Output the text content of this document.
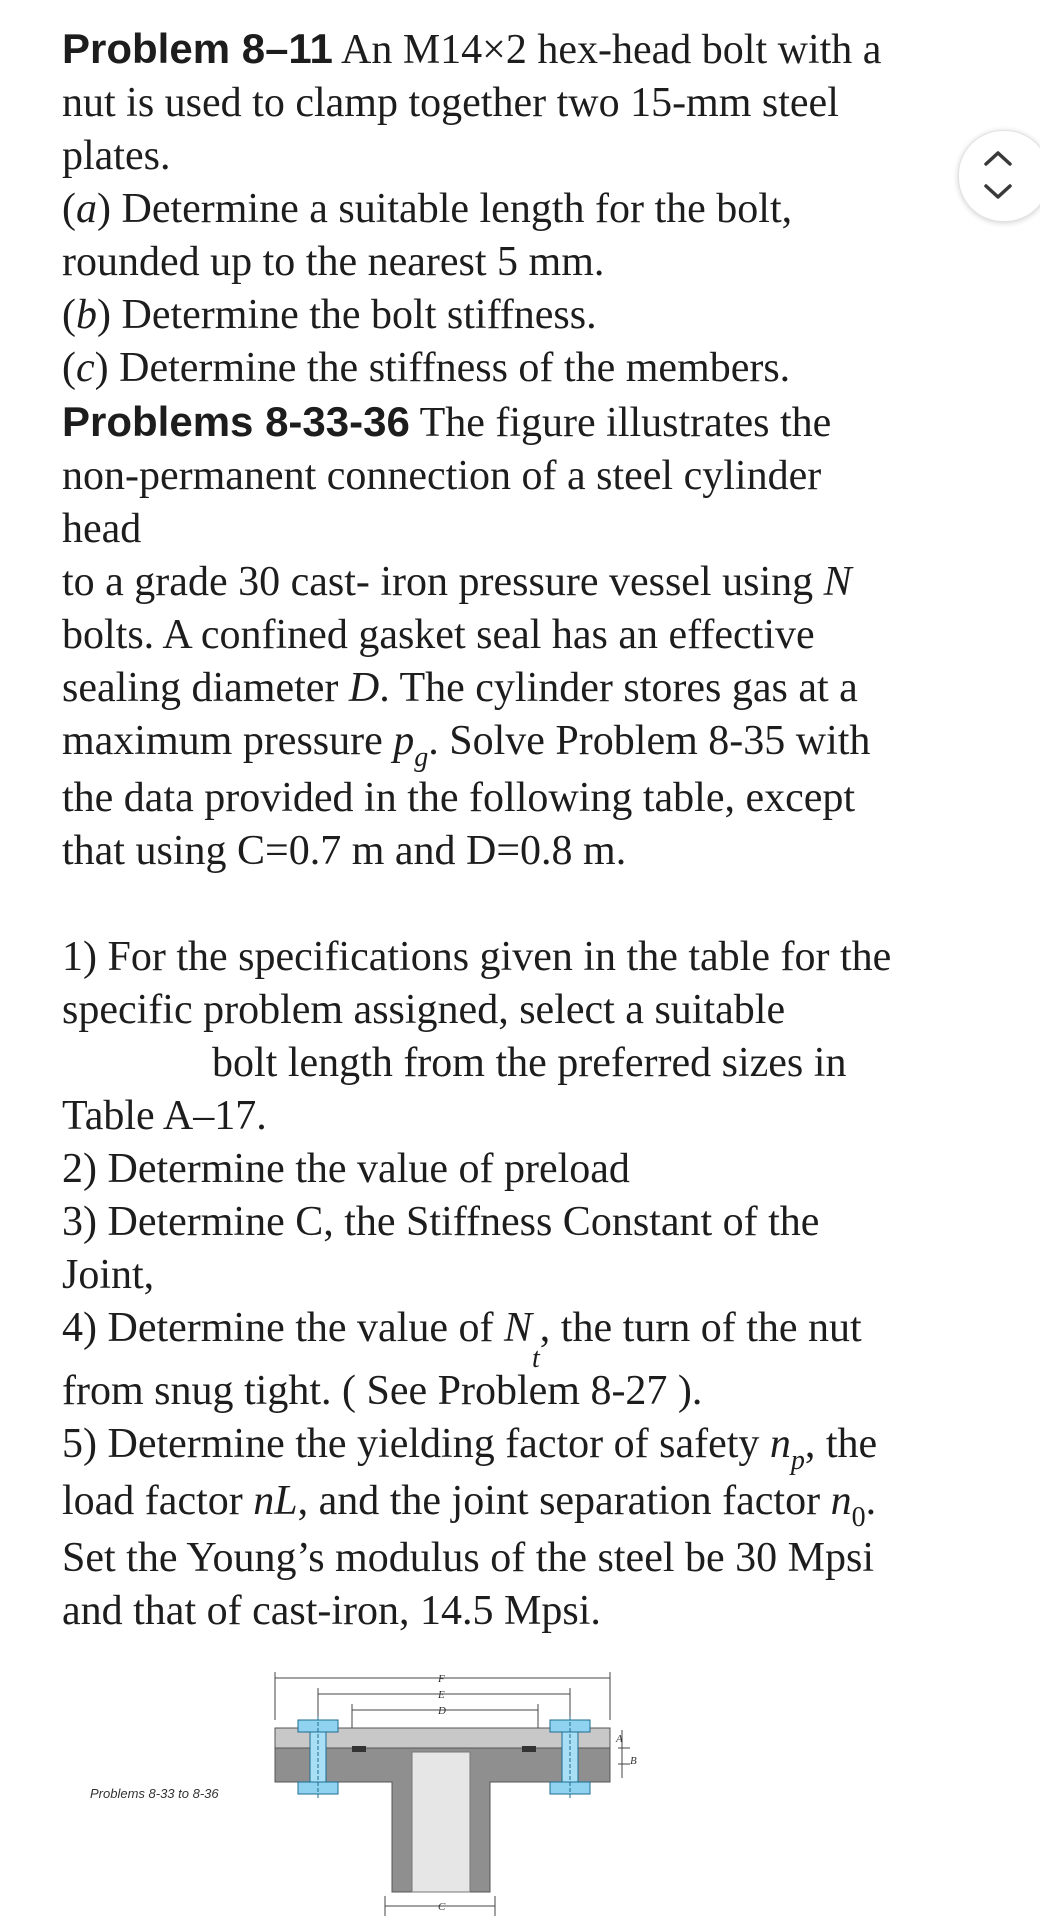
Problem 8–11 An M14×2 hex-head bolt with a
nut is used to clamp together two 15-mm steel
plates.
(a) Determine a suitable length for the bolt,
rounded up to the nearest 5 mm.
(b) Determine the bolt stiffness.
(c) Determine the stiffness of the members.
Problems 8-33-36 The figure illustrates the
non-permanent connection of a steel cylinder
head
to a grade 30 cast- iron pressure vessel using N
bolts. A confined gasket seal has an effective
sealing diameter D. The cylinder stores gas at a
maximum pressure $p_g$. Solve Problem 8-35 with
the data provided in the following table, except
that using C=0.7 m and D=0.8 m.
1) For the specifications given in the table for the
specific problem assigned, select a suitable
bolt length from the preferred sizes in
Table A–17.
2) Determine the value of preload
3) Determine C, the Stiffness Constant of the
Joint,
4) Determine the value of $N_t$, the turn of the nut
from snug tight. ( See Problem 8-27 ).
5) Determine the yielding factor of safety $n_p$, the
load factor nL, and the joint separation factor $n_0$.
Set the Young’s modulus of the steel be 30 Mpsi
and that of cast-iron, 14.5 Mpsi.
Problems 8-33 to 8-36
F
E
D
A
B
C
